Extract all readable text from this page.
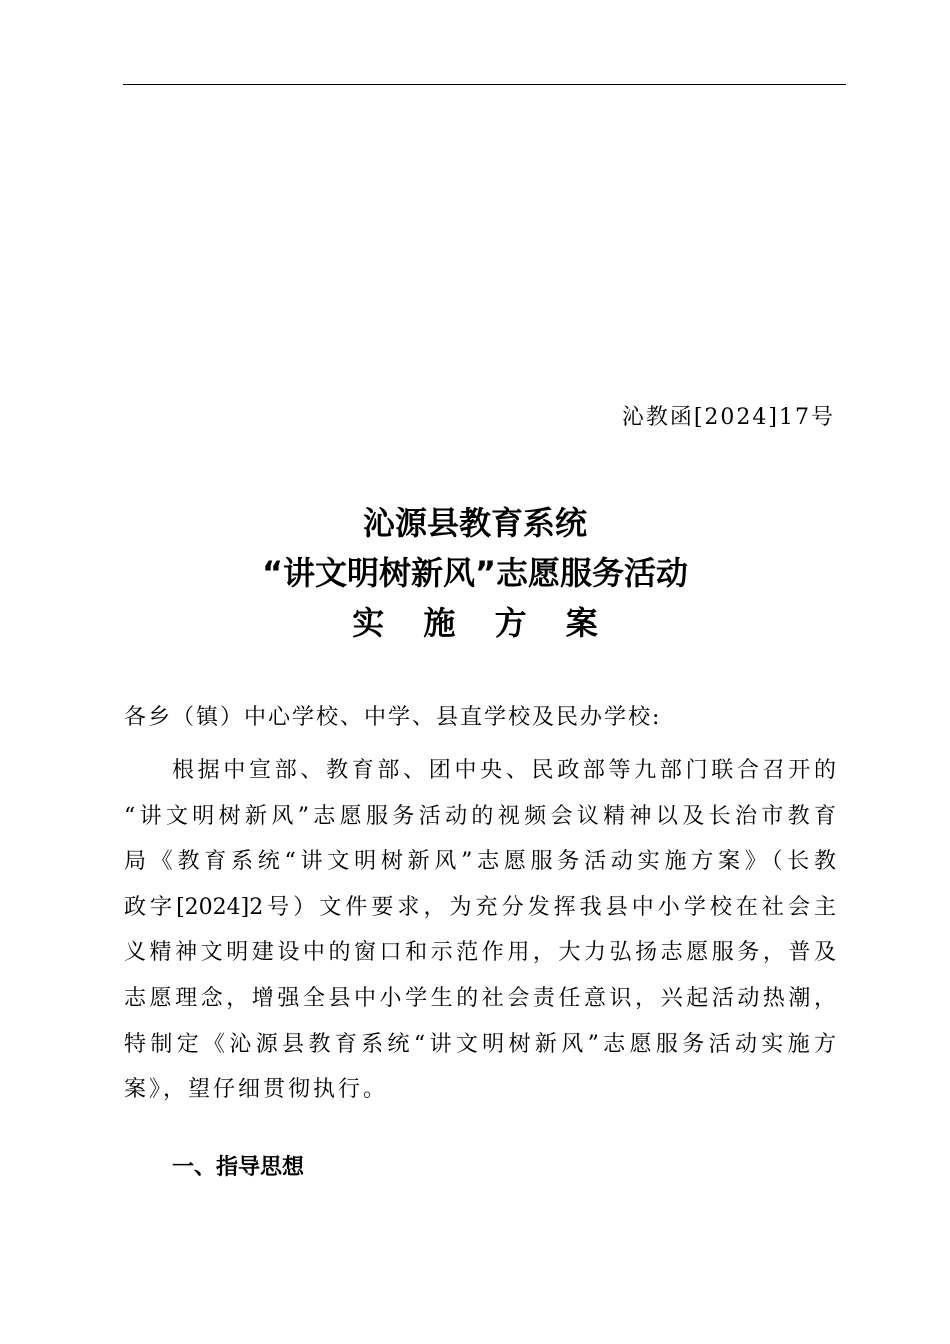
沁教函[2024]17号
沁源县教育系统
“讲文明树新风”志愿服务活动
实 施 方 案
各乡（镇）中心学校、中学、县直学校及民办学校:
根据中宣部、教育部、团中央、民政部等九部门联合召开的
“讲文明树新风”志愿服务活动的视频会议精神以及长治市教育
局《教育系统“讲文明树新风”志愿服务活动实施方案》（长教
政字[2024]2号）文件要求，为充分发挥我县中小学校在社会主
义精神文明建设中的窗口和示范作用，大力弘扬志愿服务，普及
志愿理念，增强全县中小学生的社会责任意识，兴起活动热潮，
特制定《沁源县教育系统“讲文明树新风”志愿服务活动实施方
案》，望仔细贯彻执行。
一、指导思想
